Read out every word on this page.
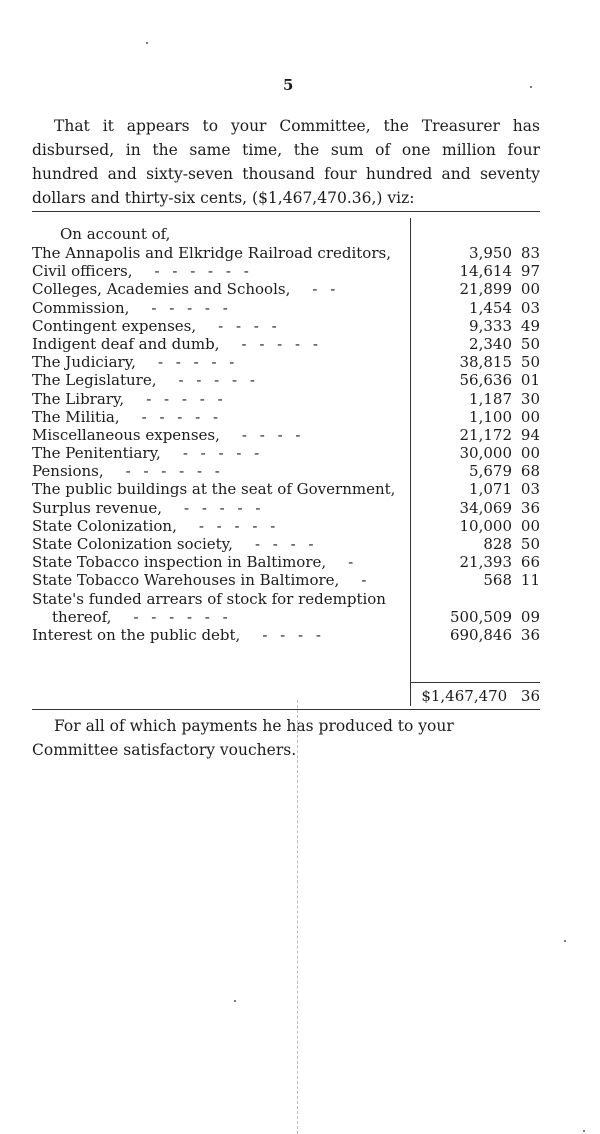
5

That it appears to your Committee, the Treasurer has disbursed, in the same time, the sum of one million four hundred and sixty-seven thousand four hundred and seventy dollars and thirty-six cents, ($1,467,470.36,) viz:

On account of,
The Annapolis and Elkridge Railroad creditors,	3,950 83
Civil officers, - - - - - -	14,614 97
Colleges, Academies and Schools, - -	21,899 00
Commission, - - - - -	1,454 03
Contingent expenses, - - - -	9,333 49
Indigent deaf and dumb, - - - - -	2,340 50
The Judiciary, - - - - -	38,815 50
The Legislature, - - - - -	56,636 01
The Library, - - - - -	1,187 30
The Militia, - - - - -	1,100 00
Miscellaneous expenses, - - - -	21,172 94
The Penitentiary, - - - - -	30,000 00
Pensions, - - - - - -	5,679 68
The public buildings at the seat of Government,	1,071 03
Surplus revenue, - - - - -	34,069 36
State Colonization, - - - - -	10,000 00
State Colonization society, - - - -	828 50
State Tobacco inspection in Baltimore, -	21,393 66
State Tobacco Warehouses in Baltimore, -	568 11
State's funded arrears of stock for redemption
thereof, - - - - - -	500,509 09
Interest on the public debt, - - - -	690,846 36
$1,467,470 36

For all of which payments he has produced to your Committee satisfactory vouchers.
